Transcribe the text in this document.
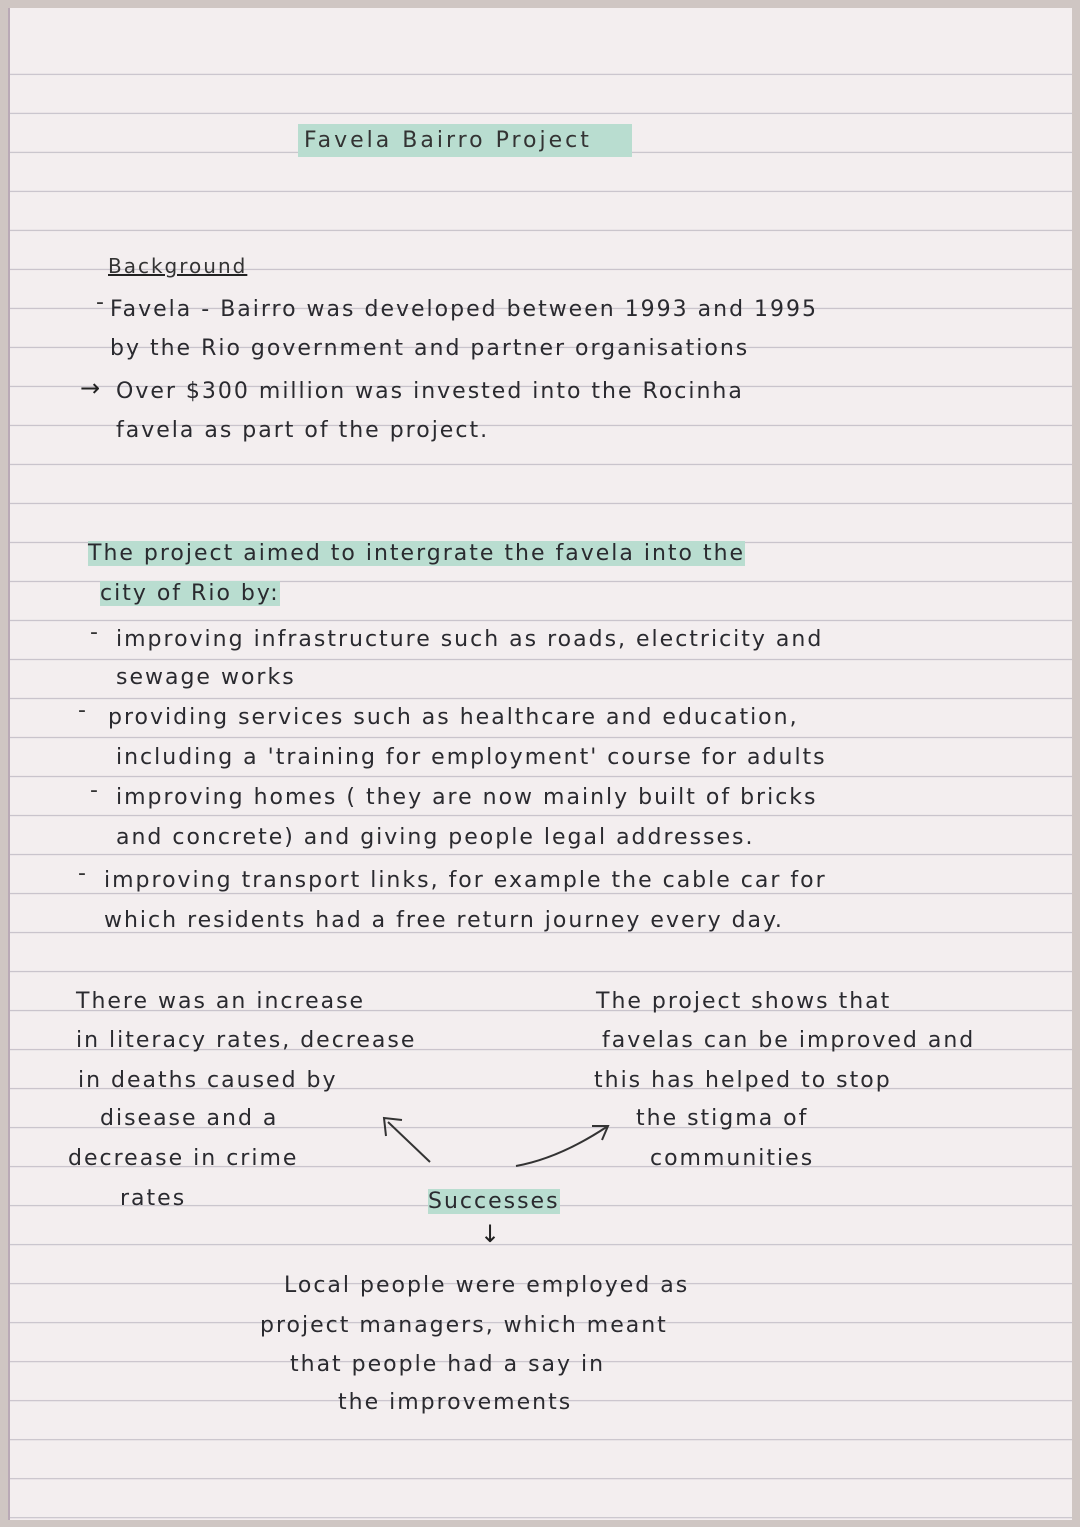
Favela Bairro Project
Background
- Favela - Bairro was developed between 1993 and 1995
by the Rio government and partner organisations
→ Over $300 million was invested into the Rocinha
favela as part of the project.
The project aimed to intergrate the favela into the
city of Rio by:
- improving infrastructure such as roads, electricity and
sewage works
- providing services such as healthcare and education,
including a 'training for employment' course for adults
- improving homes ( they are now mainly built of bricks
and concrete) and giving people legal addresses.
- improving transport links, for example the cable car for
which residents had a free return journey every day.
There was an increase
in literacy rates, decrease
in deaths caused by
disease and a
decrease in crime
rates
The project shows that
favelas can be improved and
this has helped to stop
the stigma of
communities
Successes
↓
Local people were employed as
project managers, which meant
that people had a say in
the improvements
